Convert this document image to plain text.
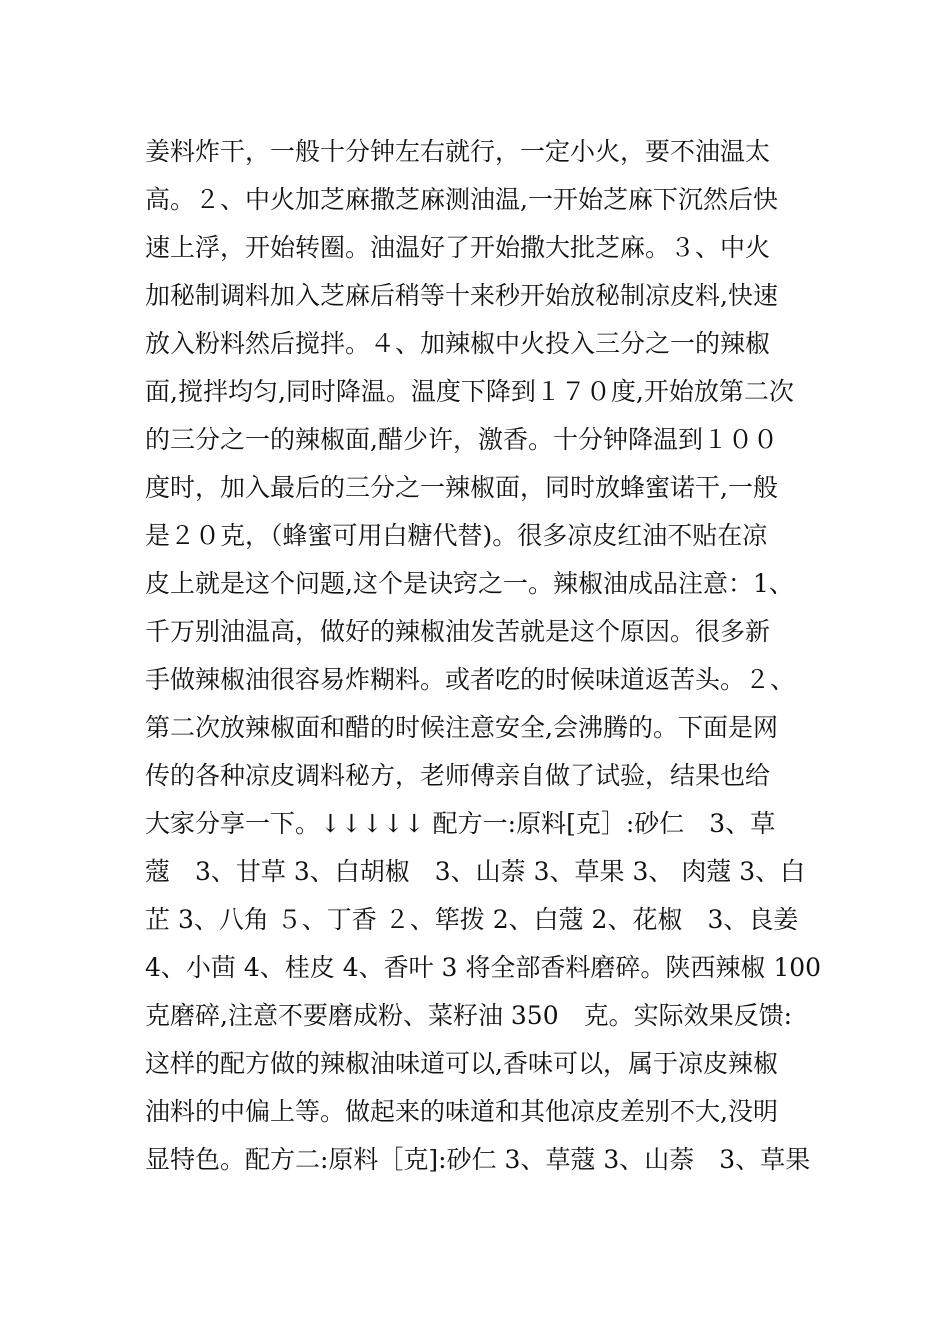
姜料炸干，一般十分钟左右就行，一定小火，要不油温太
高。２、中火加芝麻撒芝麻测油温,一开始芝麻下沉然后快
速上浮，开始转圈。油温好了开始撒大批芝麻。３、中火
加秘制调料加入芝麻后稍等十来秒开始放秘制凉皮料,快速
放入粉料然后搅拌。４、加辣椒中火投入三分之一的辣椒
面,搅拌均匀,同时降温。温度下降到１７０度,开始放第二次
的三分之一的辣椒面,醋少许，激香。十分钟降温到１００
度时，加入最后的三分之一辣椒面，同时放蜂蜜诺干,一般
是２０克，（蜂蜜可用白糖代替)。很多凉皮红油不贴在凉
皮上就是这个问题,这个是诀窍之一。辣椒油成品注意：1、
千万别油温高，做好的辣椒油发苦就是这个原因。很多新
手做辣椒油很容易炸糊料。或者吃的时候味道返苦头。２、
第二次放辣椒面和醋的时候注意安全,会沸腾的。下面是网
传的各种凉皮调料秘方，老师傅亲自做了试验，结果也给
大家分享一下。↓↓↓↓↓ 配方一:原料[克］:砂仁　3、草
蔻　3、甘草 3、白胡椒　3、山萘 3、草果 3、 肉蔻 3、白
芷 3、八角 ５、丁香 ２、筚拨 2、白蔻 2、花椒　3、良姜
4、小茴 4、桂皮 4、香叶 3 将全部香料磨碎。陕西辣椒 100
克磨碎,注意不要磨成粉、菜籽油 350　克。实际效果反馈:
这样的配方做的辣椒油味道可以,香味可以，属于凉皮辣椒
油料的中偏上等。做起来的味道和其他凉皮差别不大,没明
显特色。配方二:原料［克]:砂仁 3、草蔻 3、山萘　3、草果
